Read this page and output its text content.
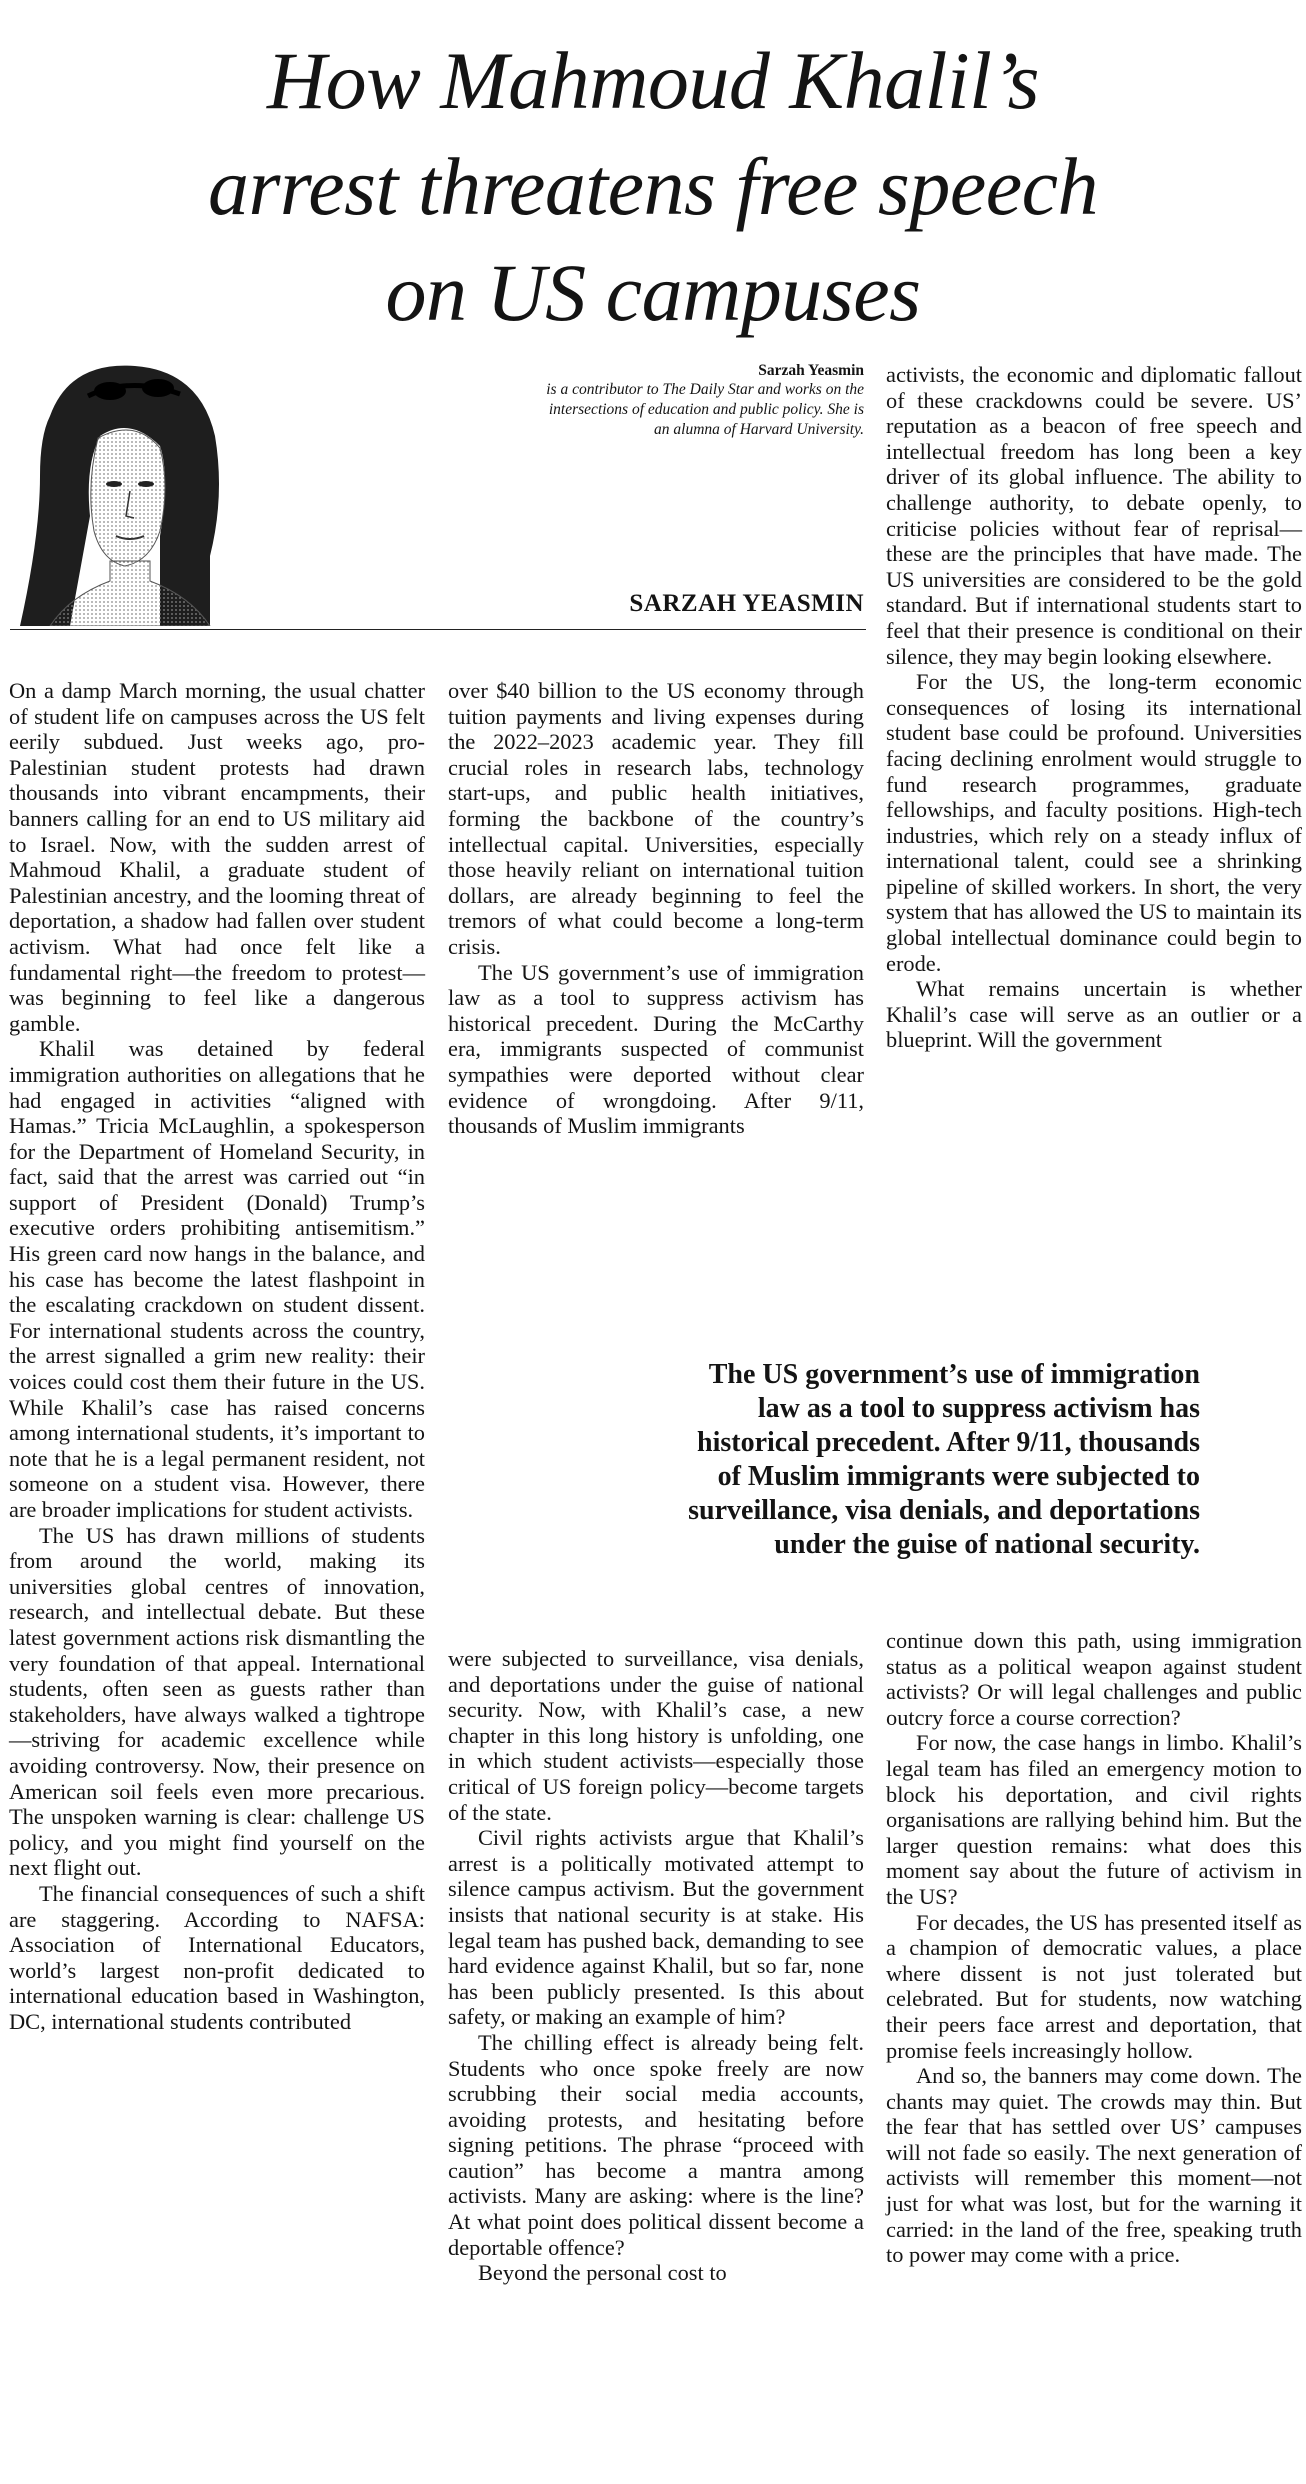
How Mahmoud Khalil’s
arrest threatens free speech
on US campuses
Sarzah Yeasmin
is a contributor to The Daily Star and works on the
intersections of education and public policy. She is
an alumna of Harvard University.
SARZAH YEASMIN

On a damp March morning, the usual chatter of student life on campuses across the US felt eerily subdued. Just weeks ago, pro-Palestinian student protests had drawn thousands into vibrant encampments, their banners calling for an end to US military aid to Israel. Now, with the sudden arrest of Mahmoud Khalil, a graduate student of Palestinian ancestry, and the looming threat of deportation, a shadow had fallen over student activism. What had once felt like a fundamental right—the freedom to protest—was beginning to feel like a dangerous gamble.

Khalil was detained by federal immigration authorities on allegations that he had engaged in activities “aligned with Hamas.” Tricia McLaughlin, a spokesperson for the Department of Homeland Security, in fact, said that the arrest was carried out “in support of President (Donald) Trump’s executive orders prohibiting antisemitism.” His green card now hangs in the balance, and his case has become the latest flashpoint in the escalating crackdown on student dissent. For international students across the country, the arrest signalled a grim new reality: their voices could cost them their future in the US. While Khalil’s case has raised concerns among international students, it’s important to note that he is a legal permanent resident, not someone on a student visa. However, there are broader implications for student activists.

The US has drawn millions of students from around the world, making its universities global centres of innovation, research, and intellectual debate. But these latest government actions risk dismantling the very foundation of that appeal. International students, often seen as guests rather than stakeholders, have always walked a tightrope—striving for academic excellence while avoiding controversy. Now, their presence on American soil feels even more precarious. The unspoken warning is clear: challenge US policy, and you might find yourself on the next flight out.

The financial consequences of such a shift are staggering. According to NAFSA: Association of International Educators, world’s largest non-profit dedicated to international education based in Washington, DC, international students contributed

over $40 billion to the US economy through tuition payments and living expenses during the 2022–2023 academic year. They fill crucial roles in research labs, technology start-ups, and public health initiatives, forming the backbone of the country’s intellectual capital. Universities, especially those heavily reliant on international tuition dollars, are already beginning to feel the tremors of what could become a long-term crisis.

The US government’s use of immigration law as a tool to suppress activism has historical precedent. During the McCarthy era, immigrants suspected of communist sympathies were deported without clear evidence of wrongdoing. After 9/11, thousands of Muslim immigrants

activists, the economic and diplomatic fallout of these crackdowns could be severe. US’ reputation as a beacon of free speech and intellectual freedom has long been a key driver of its global influence. The ability to challenge authority, to debate openly, to criticise policies without fear of reprisal—these are the principles that have made. The US universities are considered to be the gold standard. But if international students start to feel that their presence is conditional on their silence, they may begin looking elsewhere.

For the US, the long-term economic consequences of losing its international student base could be profound. Universities facing declining enrolment would struggle to fund research programmes, graduate fellowships, and faculty positions. High-tech industries, which rely on a steady influx of international talent, could see a shrinking pipeline of skilled workers. In short, the very system that has allowed the US to maintain its global intellectual dominance could begin to erode.

What remains uncertain is whether Khalil’s case will serve as an outlier or a blueprint. Will the government

The US government’s use of immigration
law as a tool to suppress activism has
historical precedent. After 9/11, thousands
of Muslim immigrants were subjected to
surveillance, visa denials, and deportations
under the guise of national security.

were subjected to surveillance, visa denials, and deportations under the guise of national security. Now, with Khalil’s case, a new chapter in this long history is unfolding, one in which student activists—especially those critical of US foreign policy—become targets of the state.

Civil rights activists argue that Khalil’s arrest is a politically motivated attempt to silence campus activism. But the government insists that national security is at stake. His legal team has pushed back, demanding to see hard evidence against Khalil, but so far, none has been publicly presented. Is this about safety, or making an example of him?

The chilling effect is already being felt. Students who once spoke freely are now scrubbing their social media accounts, avoiding protests, and hesitating before signing petitions. The phrase “proceed with caution” has become a mantra among activists. Many are asking: where is the line? At what point does political dissent become a deportable offence?

Beyond the personal cost to

continue down this path, using immigration status as a political weapon against student activists? Or will legal challenges and public outcry force a course correction?

For now, the case hangs in limbo. Khalil’s legal team has filed an emergency motion to block his deportation, and civil rights organisations are rallying behind him. But the larger question remains: what does this moment say about the future of activism in the US?

For decades, the US has presented itself as a champion of democratic values, a place where dissent is not just tolerated but celebrated. But for students, now watching their peers face arrest and deportation, that promise feels increasingly hollow.

And so, the banners may come down. The chants may quiet. The crowds may thin. But the fear that has settled over US’ campuses will not fade so easily. The next generation of activists will remember this moment—not just for what was lost, but for the warning it carried: in the land of the free, speaking truth to power may come with a price.
